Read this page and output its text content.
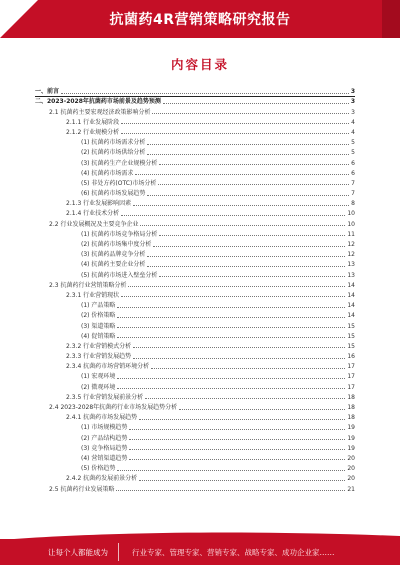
抗菌药4R营销策略研究报告
内容目录
一、前言	3
二、2023-2028年抗菌药市场前景及趋势预测	3
2.1 抗菌药主要宏观经济政策影响分析	3
2.1.1 行业发展阶段	4
2.1.2 行业规模分析	4
(1) 抗菌药市场需求分析	5
(2) 抗菌药市场供给分析	5
(3) 抗菌药生产企业规模分析	6
(4) 抗菌药市场需求	6
(5) 非处方药(OTC)市场分析	7
(6) 抗菌药市场发展趋势	7
2.1.3 行业发展影响因素	8
2.1.4 行业技术分析	10
2.2 行业发展概况及主要竞争企业	10
(1) 抗菌药市场竞争格局分析	11
(2) 抗菌药市场集中度分析	12
(3) 抗菌药品牌竞争分析	12
(4) 抗菌药主要企业分析	13
(5) 抗菌药市场进入壁垒分析	13
2.3 抗菌药行业营销策略分析	14
2.3.1 行业营销现状	14
(1) 产品策略	14
(2) 价格策略	14
(3) 渠道策略	15
(4) 促销策略	15
2.3.2 行业营销模式分析	15
2.3.3 行业营销发展趋势	16
2.3.4 抗菌药市场营销环境分析	17
(1) 宏观环境	17
(2) 微观环境	17
2.3.5 行业营销发展前景分析	18
2.4 2023-2028年抗菌药行业市场发展趋势分析	18
2.4.1 抗菌药市场发展趋势	18
(1) 市场规模趋势	19
(2) 产品结构趋势	19
(3) 竞争格局趋势	19
(4) 营销渠道趋势	20
(5) 价格趋势	20
2.4.2 抗菌药发展前景分析	20
2.5 抗菌药行业发展策略	21
让每个人都能成为	行业专家、管理专家、营销专家、战略专家、成功企业家……
